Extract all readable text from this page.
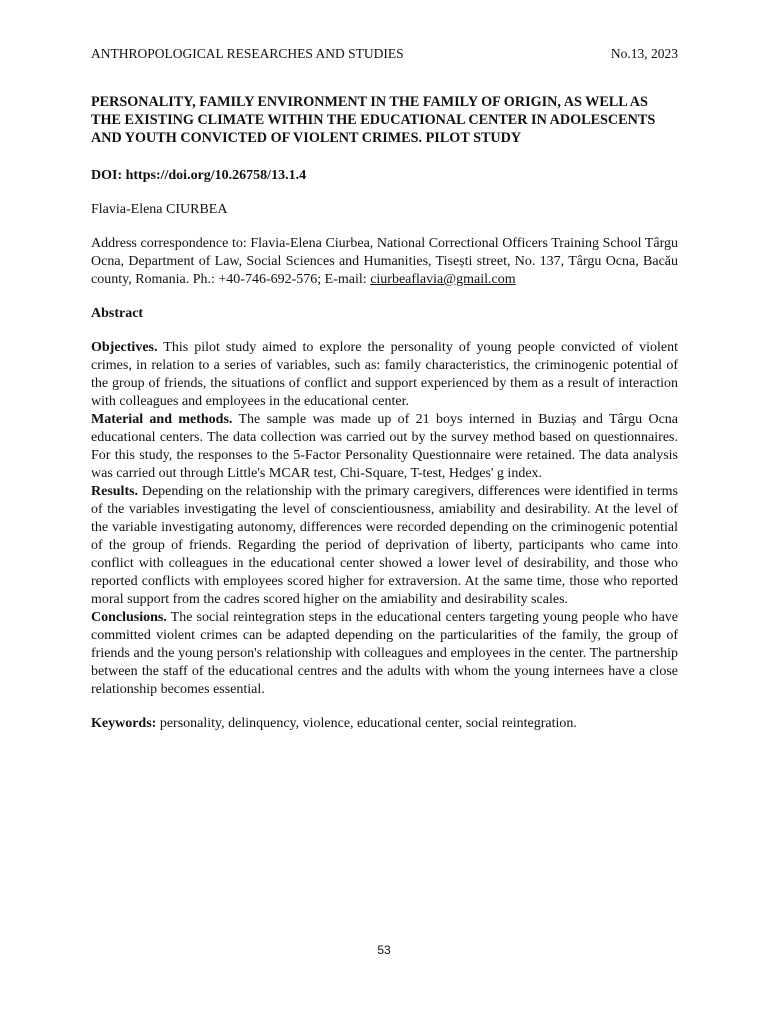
ANTHROPOLOGICAL RESEARCHES AND STUDIES	No.13, 2023
PERSONALITY, FAMILY ENVIRONMENT IN THE FAMILY OF ORIGIN, AS WELL AS THE EXISTING CLIMATE WITHIN THE EDUCATIONAL CENTER IN ADOLESCENTS AND YOUTH CONVICTED OF VIOLENT CRIMES. PILOT STUDY
DOI: https://doi.org/10.26758/13.1.4
Flavia-Elena CIURBEA
Address correspondence to: Flavia-Elena Ciurbea, National Correctional Officers Training School Târgu Ocna, Department of Law, Social Sciences and Humanities, Tisești street, No. 137, Târgu Ocna, Bacău county, Romania. Ph.: +40-746-692-576; E-mail: ciurbeaflavia@gmail.com
Abstract

Objectives. This pilot study aimed to explore the personality of young people convicted of violent crimes, in relation to a series of variables, such as: family characteristics, the criminogenic potential of the group of friends, the situations of conflict and support experienced by them as a result of interaction with colleagues and employees in the educational center.

Material and methods. The sample was made up of 21 boys interned in Buziaș and Târgu Ocna educational centers. The data collection was carried out by the survey method based on questionnaires. For this study, the responses to the 5-Factor Personality Questionnaire were retained. The data analysis was carried out through Little's MCAR test, Chi-Square, T-test, Hedges' g index.

Results. Depending on the relationship with the primary caregivers, differences were identified in terms of the variables investigating the level of conscientiousness, amiability and desirability. At the level of the variable investigating autonomy, differences were recorded depending on the criminogenic potential of the group of friends. Regarding the period of deprivation of liberty, participants who came into conflict with colleagues in the educational center showed a lower level of desirability, and those who reported conflicts with employees scored higher for extraversion. At the same time, those who reported moral support from the cadres scored higher on the amiability and desirability scales.

Conclusions. The social reintegration steps in the educational centers targeting young people who have committed violent crimes can be adapted depending on the particularities of the family, the group of friends and the young person's relationship with colleagues and employees in the center. The partnership between the staff of the educational centres and the adults with whom the young internees have a close relationship becomes essential.

Keywords: personality, delinquency, violence, educational center, social reintegration.
53
